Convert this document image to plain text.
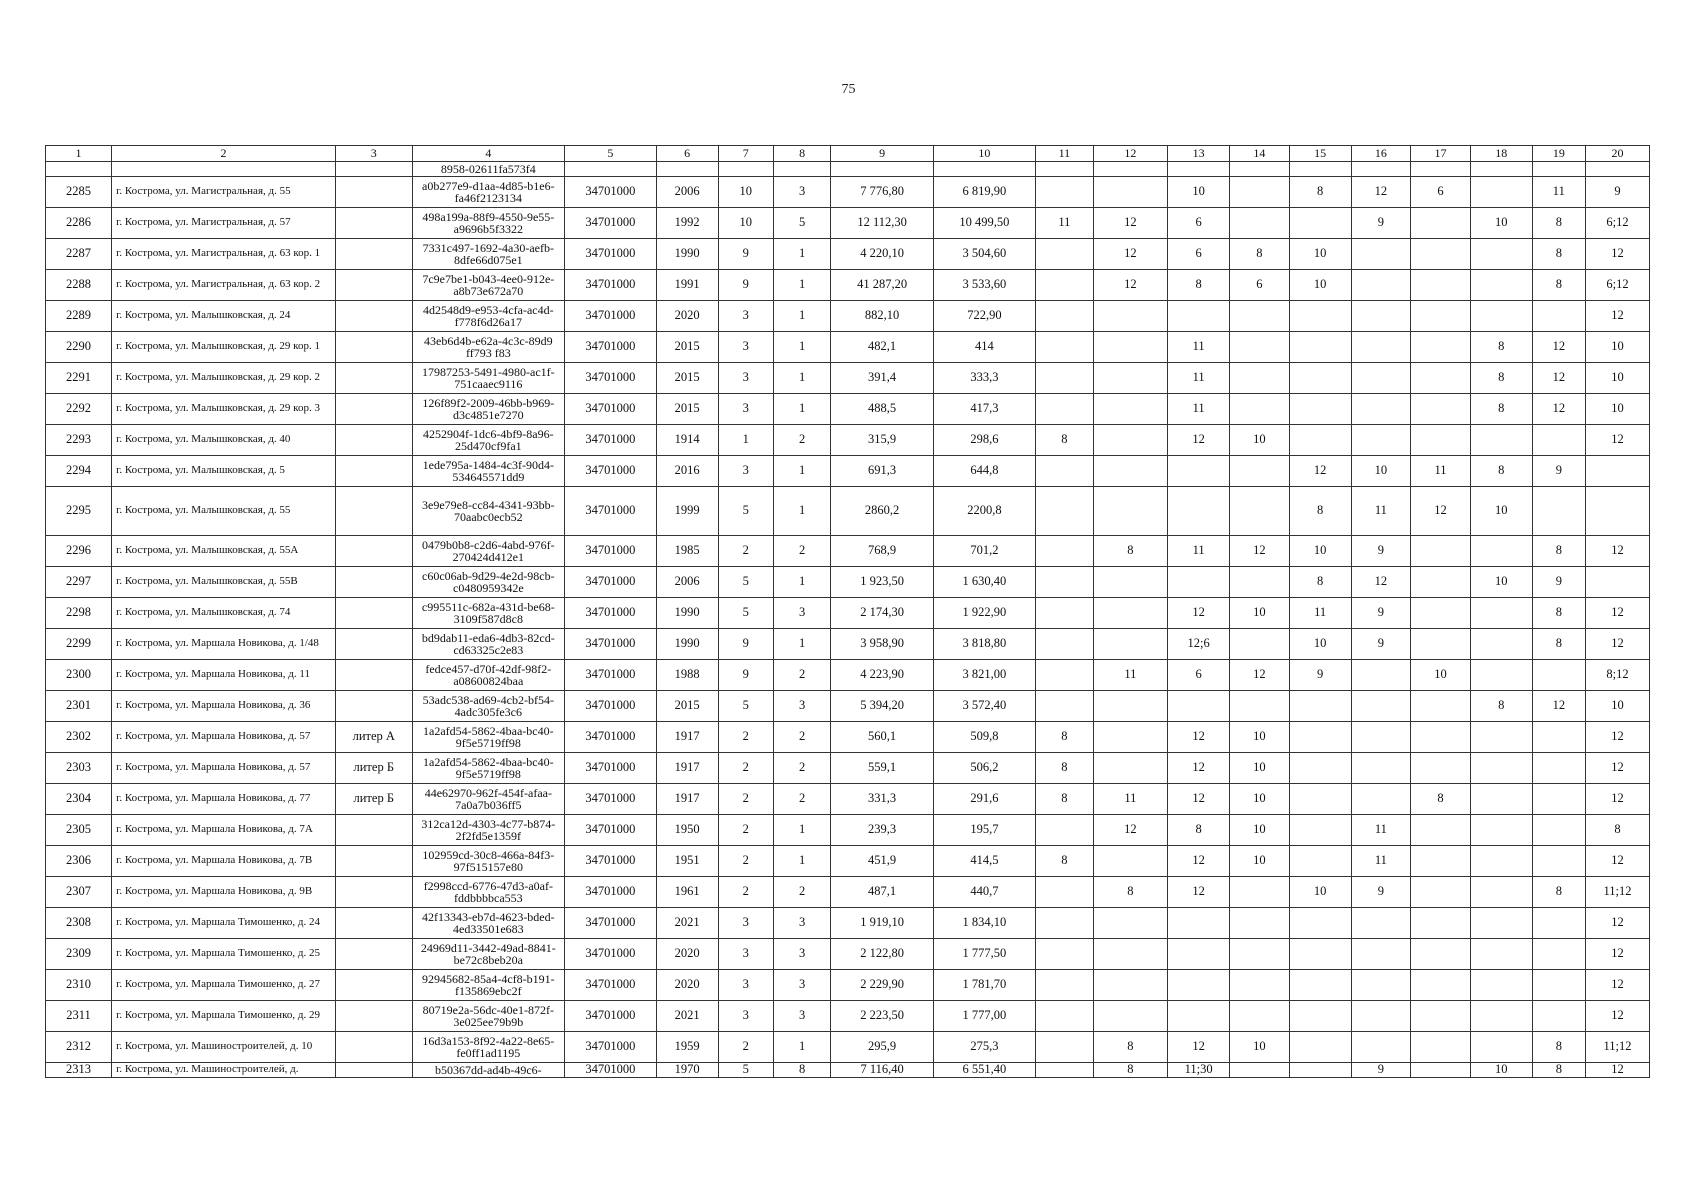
75
1	2	3	4	5	6	7	8	9	10	11	12	13	14	15	16	17	18	19	20
			8958-02611fa573f4																
2285	г. Кострома, ул. Магистральная, д. 55		a0b277e9-d1aa-4d85-b1e6-fa46f2123134	34701000	2006	10	3	7 776,80	6 819,90			10		8	12	6		11	9
2286	г. Кострома, ул. Магистральная, д. 57		498a199a-88f9-4550-9e55-a9696b5f3322	34701000	1992	10	5	12 112,30	10 499,50	11	12	6			9		10	8	6;12
2287	г. Кострома, ул. Магистральная, д. 63 кор. 1		7331c497-1692-4a30-aefb-8dfe66d075e1	34701000	1990	9	1	4 220,10	3 504,60		12	6	8	10				8	12
2288	г. Кострома, ул. Магистральная, д. 63 кор. 2		7c9e7be1-b043-4ee0-912e-a8b73e672a70	34701000	1991	9	1	41 287,20	3 533,60		12	8	6	10				8	6;12
2289	г. Кострома, ул. Малышковская, д. 24		4d2548d9-e953-4cfa-ac4d-f778f6d26a17	34701000	2020	3	1	882,10	722,90										12
2290	г. Кострома, ул. Малышковская, д. 29 кор. 1		43eb6d4b-e62a-4c3c-89d9 ff793 f83	34701000	2015	3	1	482,1	414			11					8	12	10
2291	г. Кострома, ул. Малышковская, д. 29 кор. 2		17987253-5491-4980-ac1f-751caaec9116	34701000	2015	3	1	391,4	333,3			11					8	12	10
2292	г. Кострома, ул. Малышковская, д. 29 кор. 3		126f89f2-2009-46bb-b969-d3c4851e7270	34701000	2015	3	1	488,5	417,3			11					8	12	10
2293	г. Кострома, ул. Малышковская, д. 40		4252904f-1dc6-4bf9-8a96-25d470cf9fa1	34701000	1914	1	2	315,9	298,6	8		12	10						12
2294	г. Кострома, ул. Малышковская, д. 5		1ede795a-1484-4c3f-90d4-534645571dd9	34701000	2016	3	1	691,3	644,8					12	10	11	8	9	
2295	г. Кострома, ул. Малышковская, д. 55		3e9e79e8-cc84-4341-93bb-70aabc0ecb52	34701000	1999	5	1	2860,2	2200,8					8	11	12	10		
2296	г. Кострома, ул. Малышковская, д. 55А		0479b0b8-c2d6-4abd-976f-270424d412e1	34701000	1985	2	2	768,9	701,2		8	11	12	10	9			8	12
2297	г. Кострома, ул. Малышковская, д. 55В		c60c06ab-9d29-4e2d-98cb-c0480959342e	34701000	2006	5	1	1 923,50	1 630,40					8	12		10	9	
2298	г. Кострома, ул. Малышковская, д. 74		c995511c-682a-431d-be68-3109f587d8c8	34701000	1990	5	3	2 174,30	1 922,90			12	10	11	9			8	12
2299	г. Кострома, ул. Маршала Новикова, д. 1/48		bd9dab11-eda6-4db3-82cd-cd63325c2e83	34701000	1990	9	1	3 958,90	3 818,80			12;6		10	9			8	12
2300	г. Кострома, ул. Маршала Новикова, д. 11		fedce457-d70f-42df-98f2-a08600824baa	34701000	1988	9	2	4 223,90	3 821,00		11	6	12	9		10			8;12
2301	г. Кострома, ул. Маршала Новикова, д. 36		53adc538-ad69-4cb2-bf54-4adc305fe3c6	34701000	2015	5	3	5 394,20	3 572,40								8	12	10
2302	г. Кострома, ул. Маршала Новикова, д. 57	литер А	1a2afd54-5862-4baa-bc40-9f5e5719ff98	34701000	1917	2	2	560,1	509,8	8		12	10						12
2303	г. Кострома, ул. Маршала Новикова, д. 57	литер Б	1a2afd54-5862-4baa-bc40-9f5e5719ff98	34701000	1917	2	2	559,1	506,2	8		12	10						12
2304	г. Кострома, ул. Маршала Новикова, д. 77	литер Б	44e62970-962f-454f-afaa-7a0a7b036ff5	34701000	1917	2	2	331,3	291,6	8	11	12	10			8			12
2305	г. Кострома, ул. Маршала Новикова, д. 7А		312ca12d-4303-4c77-b874-2f2fd5e1359f	34701000	1950	2	1	239,3	195,7		12	8	10		11				8
2306	г. Кострома, ул. Маршала Новикова, д. 7В		102959cd-30c8-466a-84f3-97f515157e80	34701000	1951	2	1	451,9	414,5	8		12	10		11				12
2307	г. Кострома, ул. Маршала Новикова, д. 9В		f2998ccd-6776-47d3-a0af-fddbbbbca553	34701000	1961	2	2	487,1	440,7		8	12		10	9			8	11;12
2308	г. Кострома, ул. Маршала Тимошенко, д. 24		42f13343-eb7d-4623-bded-4ed33501e683	34701000	2021	3	3	1 919,10	1 834,10										12
2309	г. Кострома, ул. Маршала Тимошенко, д. 25		24969d11-3442-49ad-8841-be72c8beb20a	34701000	2020	3	3	2 122,80	1 777,50										12
2310	г. Кострома, ул. Маршала Тимошенко, д. 27		92945682-85a4-4cf8-b191-f135869ebc2f	34701000	2020	3	3	2 229,90	1 781,70										12
2311	г. Кострома, ул. Маршала Тимошенко, д. 29		80719e2a-56dc-40e1-872f-3e025ee79b9b	34701000	2021	3	3	2 223,50	1 777,00										12
2312	г. Кострома, ул. Машиностроителей, д. 10		16d3a153-8f92-4a22-8e65-fe0ff1ad1195	34701000	1959	2	1	295,9	275,3		8	12	10					8	11;12
2313	г. Кострома, ул. Машиностроителей, д.		b50367dd-ad4b-49c6-	34701000	1970	5	8	7 116,40	6 551,40		8	11;30			9		10	8	12
